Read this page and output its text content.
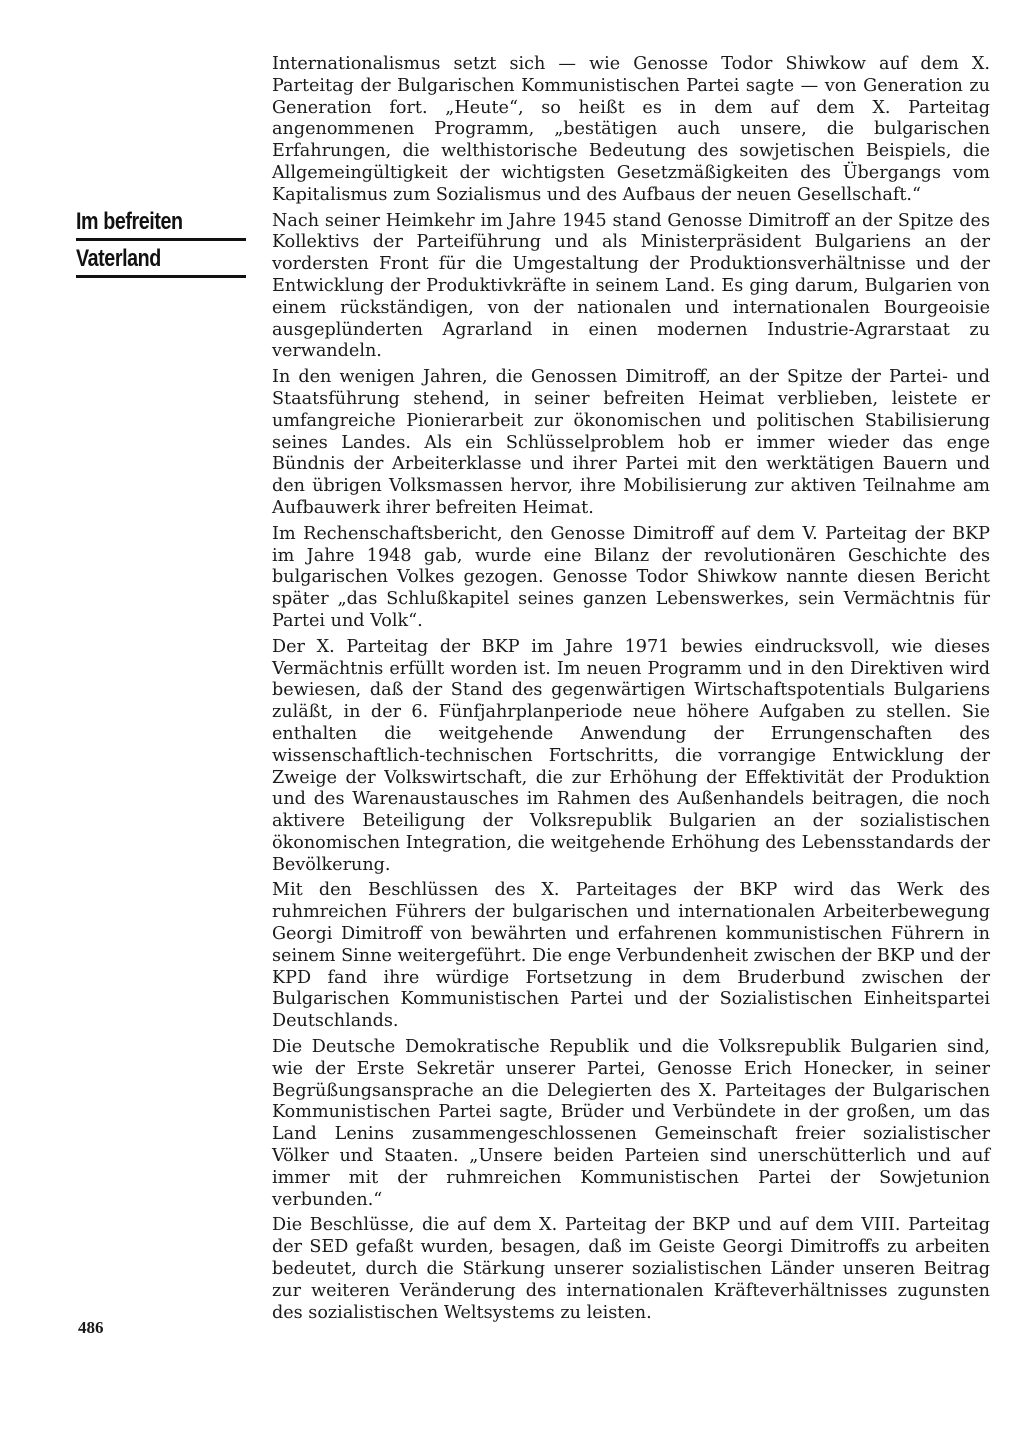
Im befreiten
Vaterland

Internationalismus setzt sich — wie Genosse Todor Shiwkow auf dem X. Parteitag der Bulgarischen Kommunistischen Partei sagte — von Generation zu Generation fort. „Heute“, so heißt es in dem auf dem X. Parteitag angenommenen Programm, „bestätigen auch unsere, die bulgarischen Erfahrungen, die welthistorische Bedeutung des sowjetischen Beispiels, die Allgemeingültigkeit der wichtigsten Gesetzmäßigkeiten des Übergangs vom Kapitalismus zum Sozialismus und des Aufbaus der neuen Gesellschaft.“

Nach seiner Heimkehr im Jahre 1945 stand Genosse Dimitroff an der Spitze des Kollektivs der Parteiführung und als Ministerpräsident Bulgariens an der vordersten Front für die Umgestaltung der Produktionsverhältnisse und der Entwicklung der Produktivkräfte in seinem Land. Es ging darum, Bulgarien von einem rückständigen, von der nationalen und internationalen Bourgeoisie ausgeplünderten Agrarland in einen modernen Industrie-Agrarstaat zu verwandeln.

In den wenigen Jahren, die Genossen Dimitroff, an der Spitze der Partei- und Staatsführung stehend, in seiner befreiten Heimat verblieben, leistete er umfangreiche Pionierarbeit zur ökonomischen und politischen Stabilisierung seines Landes. Als ein Schlüsselproblem hob er immer wieder das enge Bündnis der Arbeiterklasse und ihrer Partei mit den werktätigen Bauern und den übrigen Volksmassen hervor, ihre Mobilisierung zur aktiven Teilnahme am Aufbauwerk ihrer befreiten Heimat.

Im Rechenschaftsbericht, den Genosse Dimitroff auf dem V. Parteitag der BKP im Jahre 1948 gab, wurde eine Bilanz der revolutionären Geschichte des bulgarischen Volkes gezogen. Genosse Todor Shiwkow nannte diesen Bericht später „das Schlußkapitel seines ganzen Lebenswerkes, sein Vermächtnis für Partei und Volk“.

Der X. Parteitag der BKP im Jahre 1971 bewies eindrucksvoll, wie dieses Vermächtnis erfüllt worden ist. Im neuen Programm und in den Direktiven wird bewiesen, daß der Stand des gegenwärtigen Wirtschaftspotentials Bulgariens zuläßt, in der 6. Fünfjahrplanperiode neue höhere Aufgaben zu stellen. Sie enthalten die weitgehende Anwendung der Errungenschaften des wissenschaftlich-technischen Fortschritts, die vorrangige Entwicklung der Zweige der Volkswirtschaft, die zur Erhöhung der Effektivität der Produktion und des Warenaustausches im Rahmen des Außenhandels beitragen, die noch aktivere Beteiligung der Volksrepublik Bulgarien an der sozialistischen ökonomischen Integration, die weitgehende Erhöhung des Lebensstandards der Bevölkerung.

Mit den Beschlüssen des X. Parteitages der BKP wird das Werk des ruhmreichen Führers der bulgarischen und internationalen Arbeiterbewegung Georgi Dimitroff von bewährten und erfahrenen kommunistischen Führern in seinem Sinne weitergeführt. Die enge Verbundenheit zwischen der BKP und der KPD fand ihre würdige Fortsetzung in dem Bruderbund zwischen der Bulgarischen Kommunistischen Partei und der Sozialistischen Einheitspartei Deutschlands.

Die Deutsche Demokratische Republik und die Volksrepublik Bulgarien sind, wie der Erste Sekretär unserer Partei, Genosse Erich Honecker, in seiner Begrüßungsansprache an die Delegierten des X. Parteitages der Bulgarischen Kommunistischen Partei sagte, Brüder und Verbündete in der großen, um das Land Lenins zusammengeschlossenen Gemeinschaft freier sozialistischer Völker und Staaten. „Unsere beiden Parteien sind unerschütterlich und auf immer mit der ruhmreichen Kommunistischen Partei der Sowjetunion verbunden.“

Die Beschlüsse, die auf dem X. Parteitag der BKP und auf dem VIII. Parteitag der SED gefaßt wurden, besagen, daß im Geiste Georgi Dimitroffs zu arbeiten bedeutet, durch die Stärkung unserer sozialistischen Länder unseren Beitrag zur weiteren Veränderung des internationalen Kräfteverhältnisses zugunsten des sozialistischen Weltsystems zu leisten.

486
